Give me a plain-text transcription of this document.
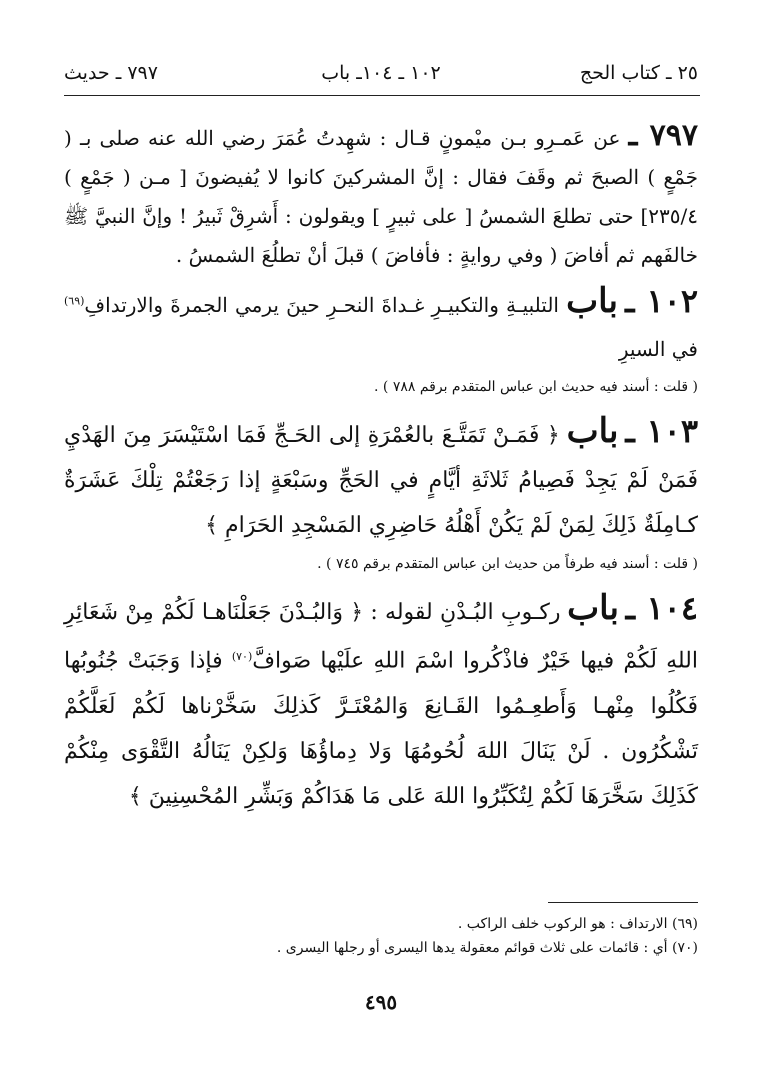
٢٥ ـ كتاب الحج
١٠٢ ـ ١٠٤ـ باب
٧٩٧ ـ حديث

٧٩٧ ـ عن عَمـرِو بـن ميْمونٍ قـال : شهِدتُ عُمَرَ رضي الله عنه صلى بـ ( جَمْعٍ ) الصبحَ ثم وقَفَ فقال : إنَّ المشركينَ كانوا لا يُفيضونَ [ مـن ( جَمْعٍ ) ٢٣٥/٤] حتى تطلعَ الشمسُ [ على ثبيرٍ ] ويقولون : أَشرِقْ ثَبيرُ ! وإنَّ النبيَّ ﷺ خالفَهم ثم أفاضَ ( وفي روايةٍ : فأفاضَ ) قبلَ أنْ تطلُعَ الشمسُ .

١٠٢ ـ باب التلبيـةِ والتكبيـرِ غـداةَ النحـرِ حينَ يرمي الجمرةَ والارتدافِ$^{(٦٩)}$ في السيرِ

( قلت : أسند فيه حديث ابن عباس المتقدم برقم ٧٨٨ ) .

١٠٣ ـ باب ﴿ فَمَـنْ تَمَتَّـعَ بالعُمْرَةِ إلى الحَـجِّ فَمَا اسْتَيْسَرَ مِنَ الهَدْيِ فَمَنْ لَمْ يَجِدْ فَصِيامُ ثَلاثَةِ أيَّامٍ في الحَجِّ وسَبْعَةٍ إذا رَجَعْتُمْ تِلْكَ عَشَرَةٌ كـامِلَةٌ ذَلِكَ لِمَنْ لَمْ يَكُنْ أَهْلُهُ حَاضِرِي المَسْجِدِ الحَرَامِ ﴾

( قلت : أسند فيه طرفاً من حديث ابن عباس المتقدم برقم ٧٤٥ ) .

١٠٤ ـ باب ركـوبِ البُـدْنِ لقوله : ﴿ وَالبُـدْنَ جَعَلْنَاهـا لَكُمْ مِنْ شَعَائِرِ اللهِ لَكُمْ فيها خَيْرٌ فاذْكُروا اسْمَ اللهِ علَيْها صَوافَّ$^{(٧٠)}$ فإذا وَجَبَتْ جُنُوبُها فَكُلُوا مِنْهـا وَأَطعِـمُوا القَـانِعَ وَالمُعْتَـرَّ كَذلِكَ سَخَّرْناها لَكُمْ لَعَلَّكُمْ تَشْكُرُون . لَنْ يَنَالَ اللهَ لُحُومُهَا وَلا دِماؤُهَا وَلكِنْ يَنَالُهُ التَّقْوَى مِنْكُمْ كَذَلِكَ سَخَّرَهَا لَكُمْ لِتُكَبِّرُوا اللهَ عَلى مَا هَدَاكُمْ وَبَشِّرِ المُحْسِنِينَ ﴾

(٦٩) الارتداف : هو الركوب خلف الراكب .
(٧٠) أي : قائمات على ثلاث قوائم معقولة يدها اليسرى أو رجلها اليسرى .
٤٩٥
